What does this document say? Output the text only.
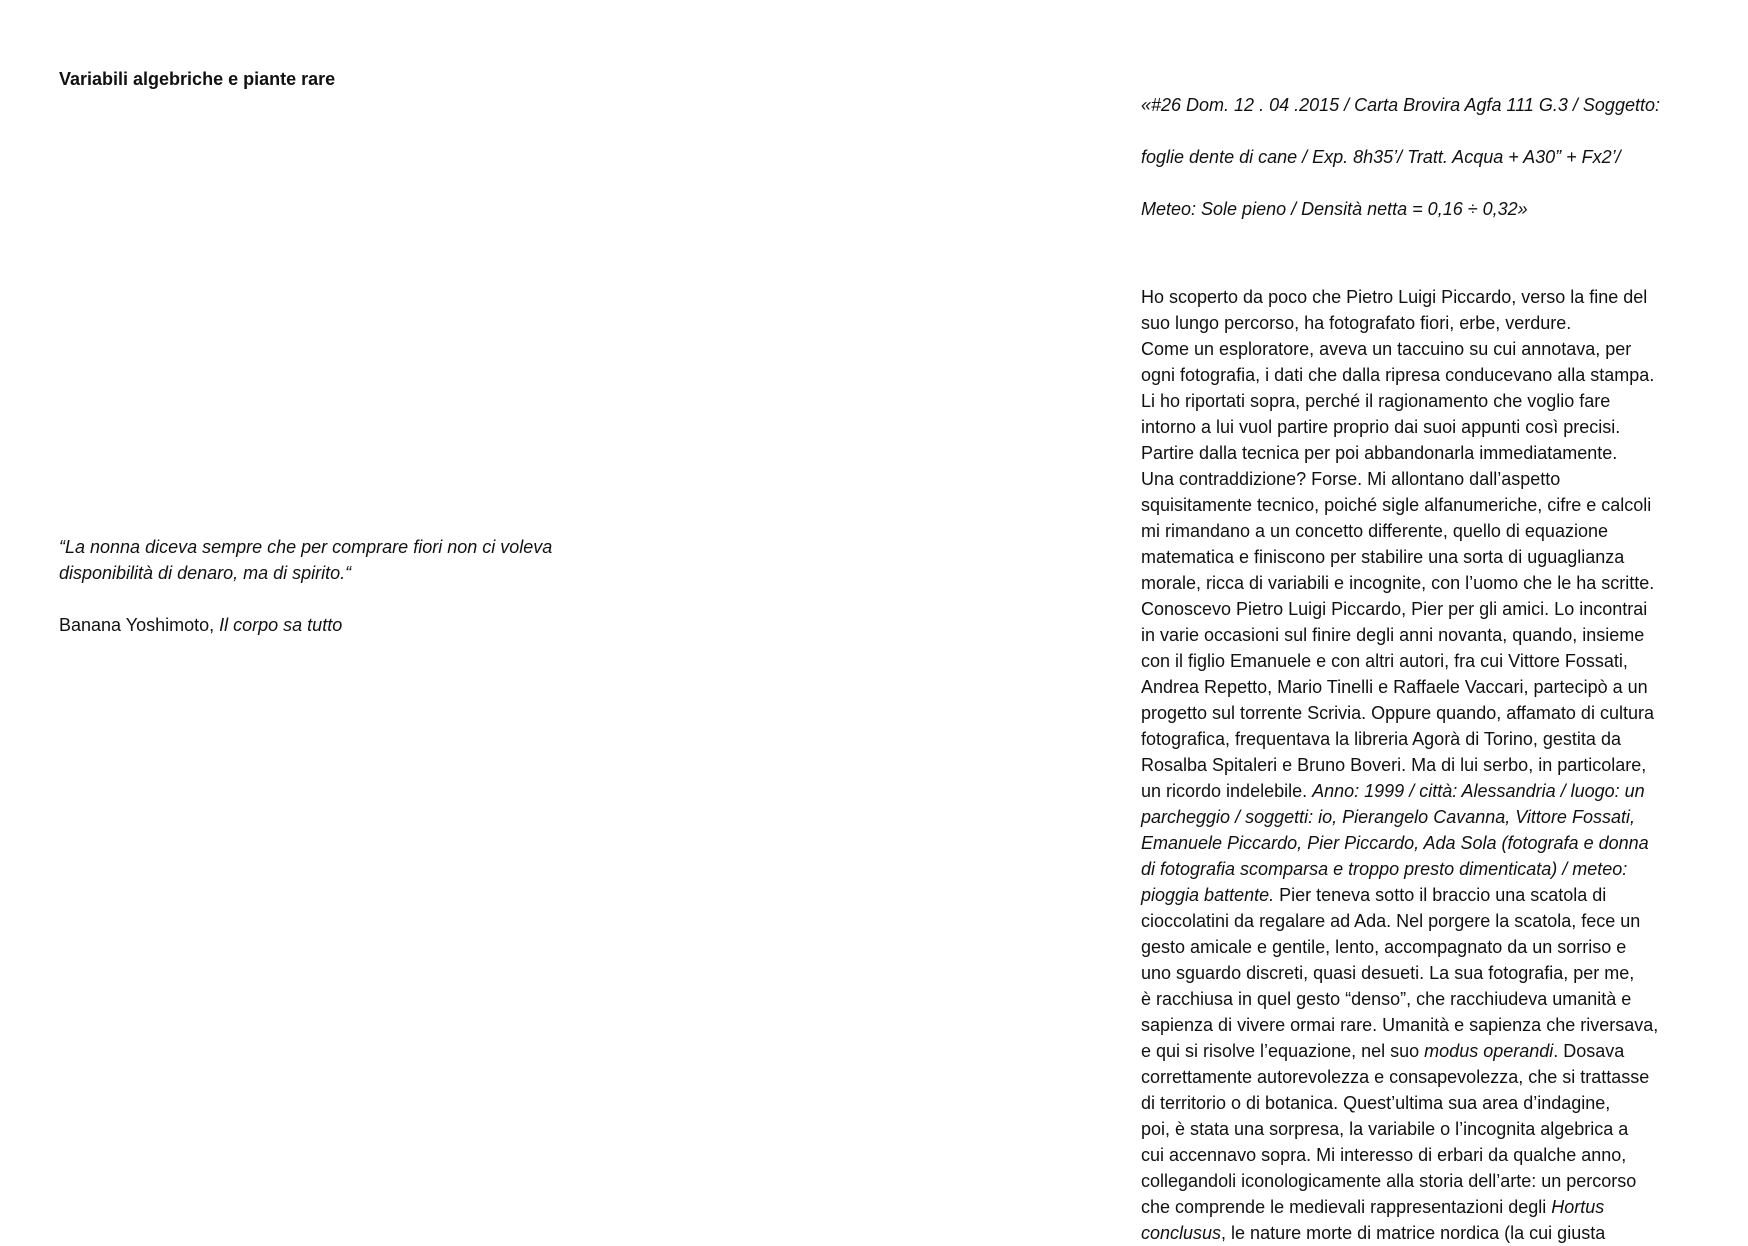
Variabili algebriche e piante rare

“La nonna diceva sempre che per comprare fiori non ci voleva
disponibilità di denaro, ma di spirito.“

Banana Yoshimoto, Il corpo sa tutto

«#26 Dom. 12 . 04 .2015 / Carta Brovira Agfa 111 G.3 / Soggetto:

foglie dente di cane / Exp. 8h35’/ Tratt. Acqua + A30” + Fx2’/

Meteo: Sole pieno / Densità netta = 0,16 ÷ 0,32»

Ho scoperto da poco che Pietro Luigi Piccardo, verso la fine del
suo lungo percorso, ha fotografato fiori, erbe, verdure.
Come un esploratore, aveva un taccuino su cui annotava, per
ogni fotografia, i dati che dalla ripresa conducevano alla stampa.
Li ho riportati sopra, perché il ragionamento che voglio fare
intorno a lui vuol partire proprio dai suoi appunti così precisi.
Partire dalla tecnica per poi abbandonarla immediatamente.
Una contraddizione? Forse. Mi allontano dall’aspetto
squisitamente tecnico, poiché sigle alfanumeriche, cifre e calcoli
mi rimandano a un concetto differente, quello di equazione
matematica e finiscono per stabilire una sorta di uguaglianza
morale, ricca di variabili e incognite, con l’uomo che le ha scritte.
Conoscevo Pietro Luigi Piccardo, Pier per gli amici. Lo incontrai
in varie occasioni sul finire degli anni novanta, quando, insieme
con il figlio Emanuele e con altri autori, fra cui Vittore Fossati,
Andrea Repetto, Mario Tinelli e Raffaele Vaccari, partecipò a un
progetto sul torrente Scrivia. Oppure quando, affamato di cultura
fotografica, frequentava la libreria Agorà di Torino, gestita da
Rosalba Spitaleri e Bruno Boveri. Ma di lui serbo, in particolare,
un ricordo indelebile. Anno: 1999 / città: Alessandria / luogo: un
parcheggio / soggetti: io, Pierangelo Cavanna, Vittore Fossati,
Emanuele Piccardo, Pier Piccardo, Ada Sola (fotografa e donna
di fotografia scomparsa e troppo presto dimenticata) / meteo:
pioggia battente. Pier teneva sotto il braccio una scatola di
cioccolatini da regalare ad Ada. Nel porgere la scatola, fece un
gesto amicale e gentile, lento, accompagnato da un sorriso e
uno sguardo discreti, quasi desueti. La sua fotografia, per me,
è racchiusa in quel gesto “denso”, che racchiudeva umanità e
sapienza di vivere ormai rare. Umanità e sapienza che riversava,
e qui si risolve l’equazione, nel suo modus operandi. Dosava
correttamente autorevolezza e consapevolezza, che si trattasse
di territorio o di botanica. Quest’ultima sua area d’indagine,
poi, è stata una sorpresa, la variabile o l’incognita algebrica a
cui accennavo sopra. Mi interesso di erbari da qualche anno,
collegandoli iconologicamente alla storia dell’arte: un percorso
che comprende le medievali rappresentazioni degli Hortus
conclusus, le nature morte di matrice nordica (la cui giusta
